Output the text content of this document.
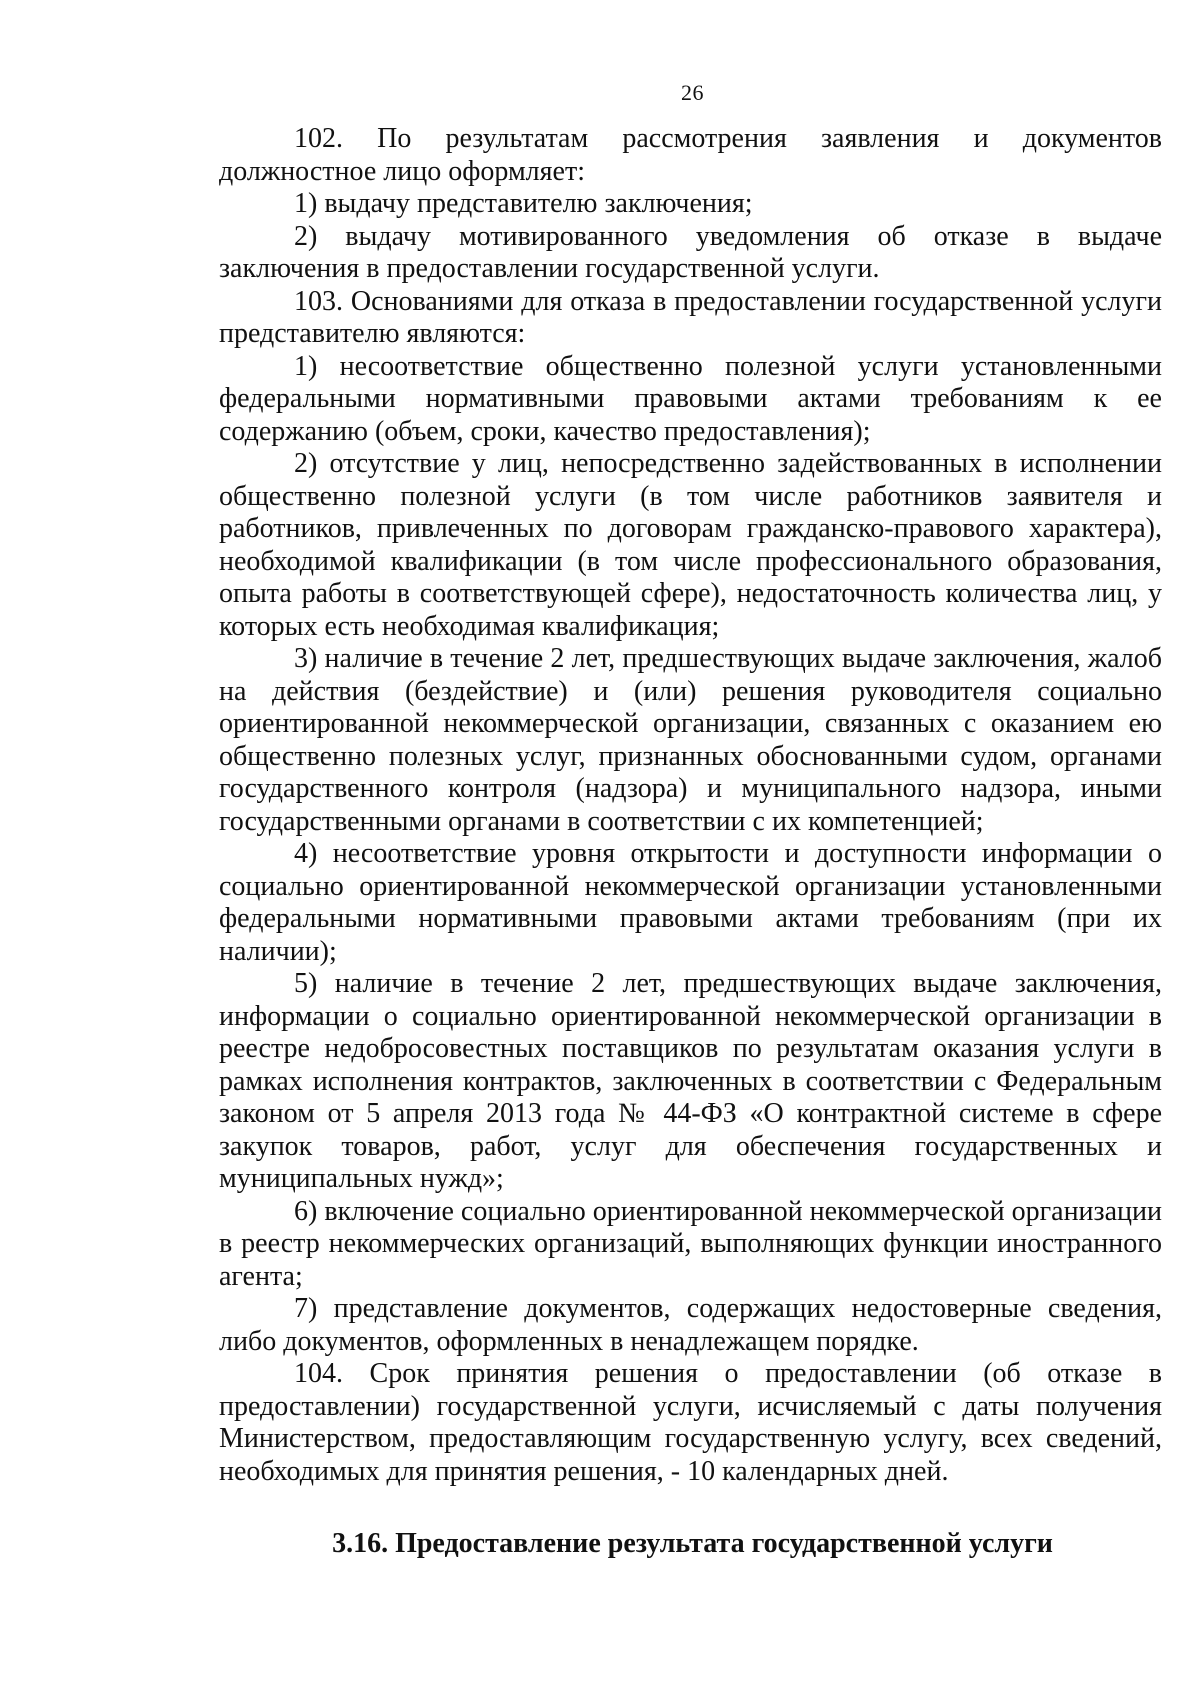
26

102. По результатам рассмотрения заявления и документов должностное лицо оформляет:

1) выдачу представителю заключения;

2) выдачу мотивированного уведомления об отказе в выдаче заключения в предоставлении государственной услуги.

103. Основаниями для отказа в предоставлении государственной услуги представителю являются:

1) несоответствие общественно полезной услуги установленными федеральными нормативными правовыми актами требованиям к ее содержанию (объем, сроки, качество предоставления);

2) отсутствие у лиц, непосредственно задействованных в исполнении общественно полезной услуги (в том числе работников заявителя и работников, привлеченных по договорам гражданско-правового характера), необходимой квалификации (в том числе профессионального образования, опыта работы в соответствующей сфере), недостаточность количества лиц, у которых есть необходимая квалификация;

3) наличие в течение 2 лет, предшествующих выдаче заключения, жалоб на действия (бездействие) и (или) решения руководителя социально ориентированной некоммерческой организации, связанных с оказанием ею общественно полезных услуг, признанных обоснованными судом, органами государственного контроля (надзора) и муниципального надзора, иными государственными органами в соответствии с их компетенцией;

4) несоответствие уровня открытости и доступности информации о социально ориентированной некоммерческой организации установленными федеральными нормативными правовыми актами требованиям (при их наличии);

5) наличие в течение 2 лет, предшествующих выдаче заключения, информации о социально ориентированной некоммерческой организации в реестре недобросовестных поставщиков по результатам оказания услуги в рамках исполнения контрактов, заключенных в соответствии с Федеральным законом от 5 апреля 2013 года № 44-ФЗ «О контрактной системе в сфере закупок товаров, работ, услуг для обеспечения государственных и муниципальных нужд»;

6) включение социально ориентированной некоммерческой организации в реестр некоммерческих организаций, выполняющих функции иностранного агента;

7) представление документов, содержащих недостоверные сведения, либо документов, оформленных в ненадлежащем порядке.

104. Срок принятия решения о предоставлении (об отказе в предоставлении) государственной услуги, исчисляемый с даты получения Министерством, предоставляющим государственную услугу, всех сведений, необходимых для принятия решения, - 10 календарных дней.

3.16. Предоставление результата государственной услуги
